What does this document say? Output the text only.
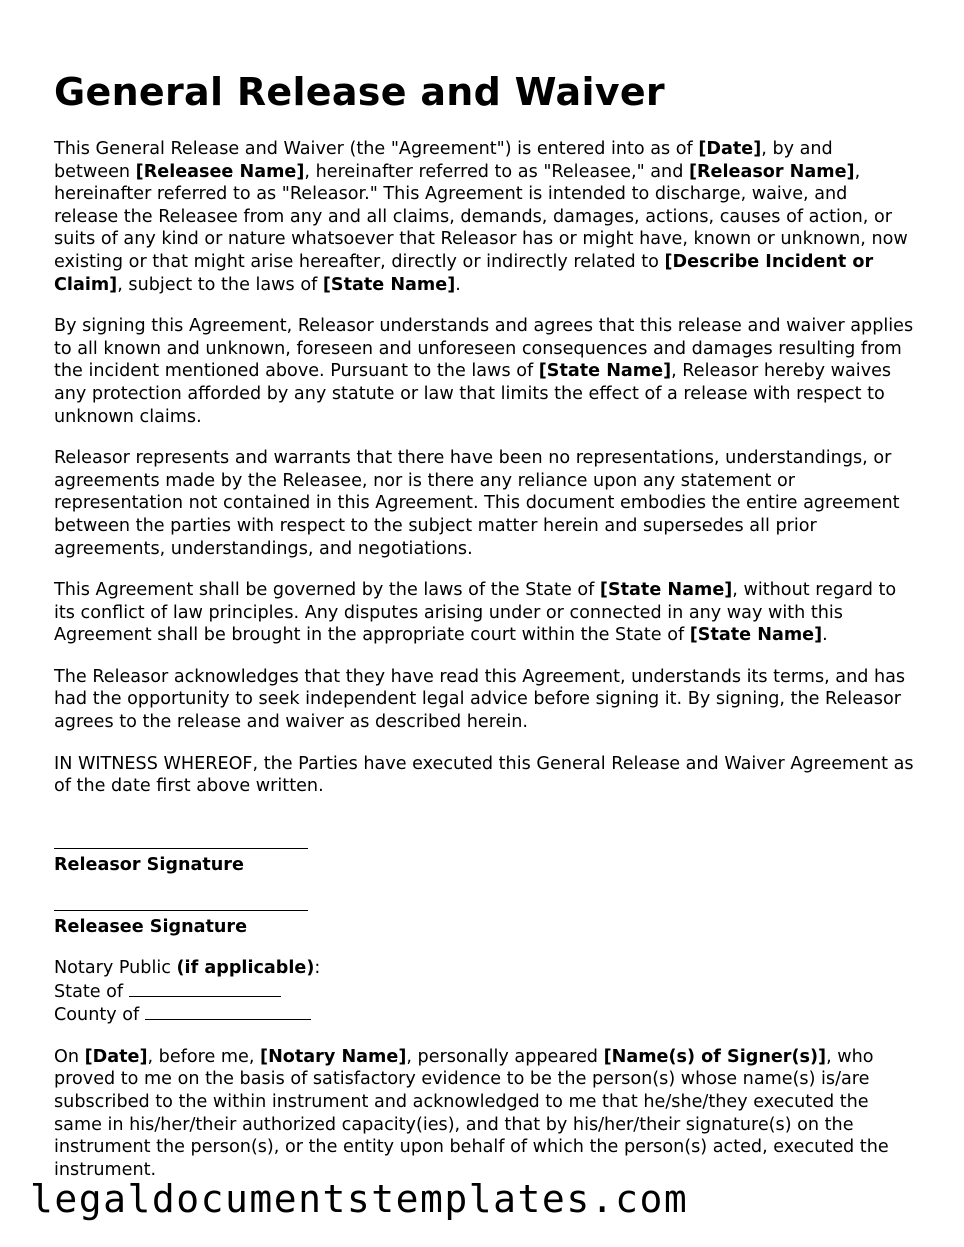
General Release and Waiver

This General Release and Waiver (the "Agreement") is entered into as of [Date], by and between [Releasee Name], hereinafter referred to as "Releasee," and [Releasor Name], hereinafter referred to as "Releasor." This Agreement is intended to discharge, waive, and release the Releasee from any and all claims, demands, damages, actions, causes of action, or suits of any kind or nature whatsoever that Releasor has or might have, known or unknown, now existing or that might arise hereafter, directly or indirectly related to [Describe Incident or Claim], subject to the laws of [State Name].

By signing this Agreement, Releasor understands and agrees that this release and waiver applies to all known and unknown, foreseen and unforeseen consequences and damages resulting from the incident mentioned above. Pursuant to the laws of [State Name], Releasor hereby waives any protection afforded by any statute or law that limits the effect of a release with respect to unknown claims.

Releasor represents and warrants that there have been no representations, understandings, or agreements made by the Releasee, nor is there any reliance upon any statement or representation not contained in this Agreement. This document embodies the entire agreement between the parties with respect to the subject matter herein and supersedes all prior agreements, understandings, and negotiations.

This Agreement shall be governed by the laws of the State of [State Name], without regard to its conflict of law principles. Any disputes arising under or connected in any way with this Agreement shall be brought in the appropriate court within the State of [State Name].

The Releasor acknowledges that they have read this Agreement, understands its terms, and has had the opportunity to seek independent legal advice before signing it. By signing, the Releasor agrees to the release and waiver as described herein.

IN WITNESS WHEREOF, the Parties have executed this General Release and Waiver Agreement as of the date first above written.

Releasor Signature
Releasee Signature
Notary Public (if applicable):
State of
County of

On [Date], before me, [Notary Name], personally appeared [Name(s) of Signer(s)], who proved to me on the basis of satisfactory evidence to be the person(s) whose name(s) is/are subscribed to the within instrument and acknowledged to me that he/she/they executed the same in his/her/their authorized capacity(ies), and that by his/her/their signature(s) on the instrument the person(s), or the entity upon behalf of which the person(s) acted, executed the instrument.

legaldocumentstemplates.com
